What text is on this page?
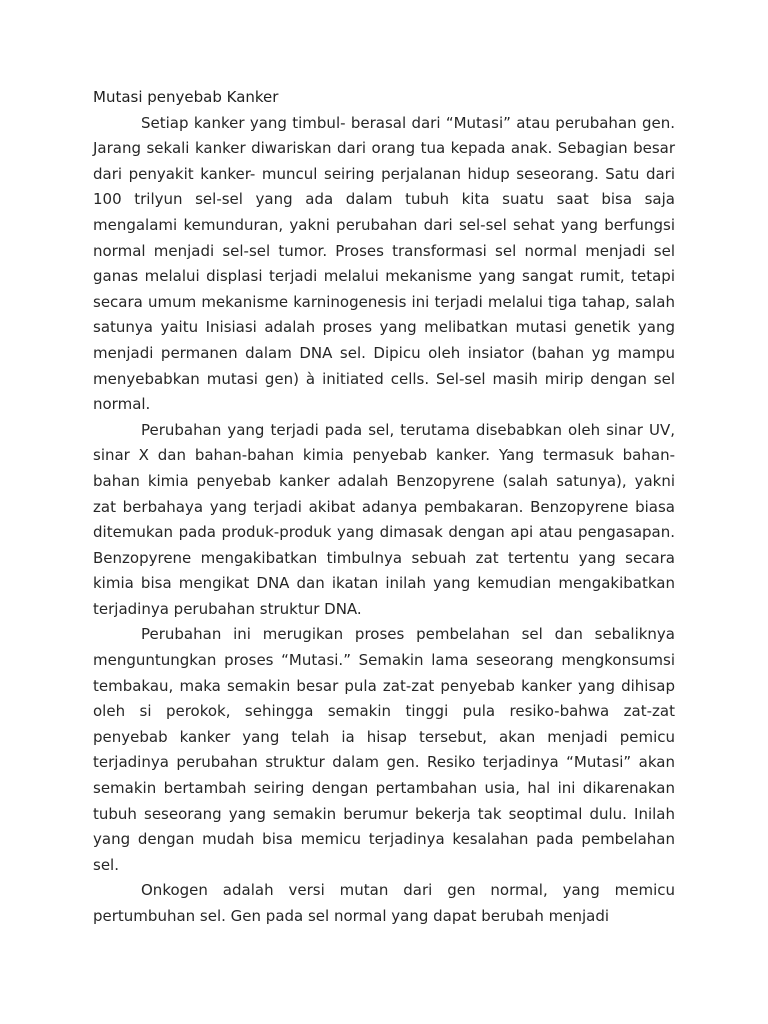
Mutasi penyebab Kanker

Setiap kanker yang timbul- berasal dari “Mutasi” atau perubahan gen. Jarang sekali kanker diwariskan dari orang tua kepada anak. Sebagian besar dari penyakit kanker- muncul seiring perjalanan hidup seseorang. Satu dari 100 trilyun sel-sel yang ada dalam tubuh kita suatu saat bisa saja mengalami kemunduran, yakni perubahan dari sel-sel sehat yang berfungsi normal menjadi sel-sel tumor. Proses transformasi sel normal menjadi sel ganas melalui displasi terjadi melalui mekanisme yang sangat rumit, tetapi secara umum mekanisme karninogenesis ini terjadi melalui tiga tahap, salah satunya yaitu Inisiasi adalah proses yang melibatkan mutasi genetik yang menjadi permanen dalam DNA sel. Dipicu oleh insiator (bahan yg mampu menyebabkan mutasi gen) à initiated cells. Sel-sel masih mirip dengan sel normal.

Perubahan yang terjadi pada sel, terutama disebabkan oleh sinar UV, sinar X dan bahan-bahan kimia penyebab kanker. Yang termasuk bahan-bahan kimia penyebab kanker adalah Benzopyrene (salah satunya), yakni zat berbahaya yang terjadi akibat adanya pembakaran. Benzopyrene biasa ditemukan pada produk-produk yang dimasak dengan api atau pengasapan. Benzopyrene mengakibatkan timbulnya sebuah zat tertentu yang secara kimia bisa mengikat DNA dan ikatan inilah yang kemudian mengakibatkan terjadinya perubahan struktur DNA.

Perubahan ini merugikan proses pembelahan sel dan sebaliknya menguntungkan proses “Mutasi.” Semakin lama seseorang mengkonsumsi tembakau, maka semakin besar pula zat-zat penyebab kanker yang dihisap oleh si perokok, sehingga semakin tinggi pula resiko-bahwa zat-zat penyebab kanker yang telah ia hisap tersebut, akan menjadi pemicu terjadinya perubahan struktur dalam gen. Resiko terjadinya “Mutasi” akan semakin bertambah seiring dengan pertambahan usia, hal ini dikarenakan tubuh seseorang yang semakin berumur bekerja tak seoptimal dulu. Inilah yang dengan mudah bisa memicu terjadinya kesalahan pada pembelahan sel.

Onkogen adalah versi mutan dari gen normal, yang memicu pertumbuhan sel. Gen pada sel normal yang dapat berubah menjadi
